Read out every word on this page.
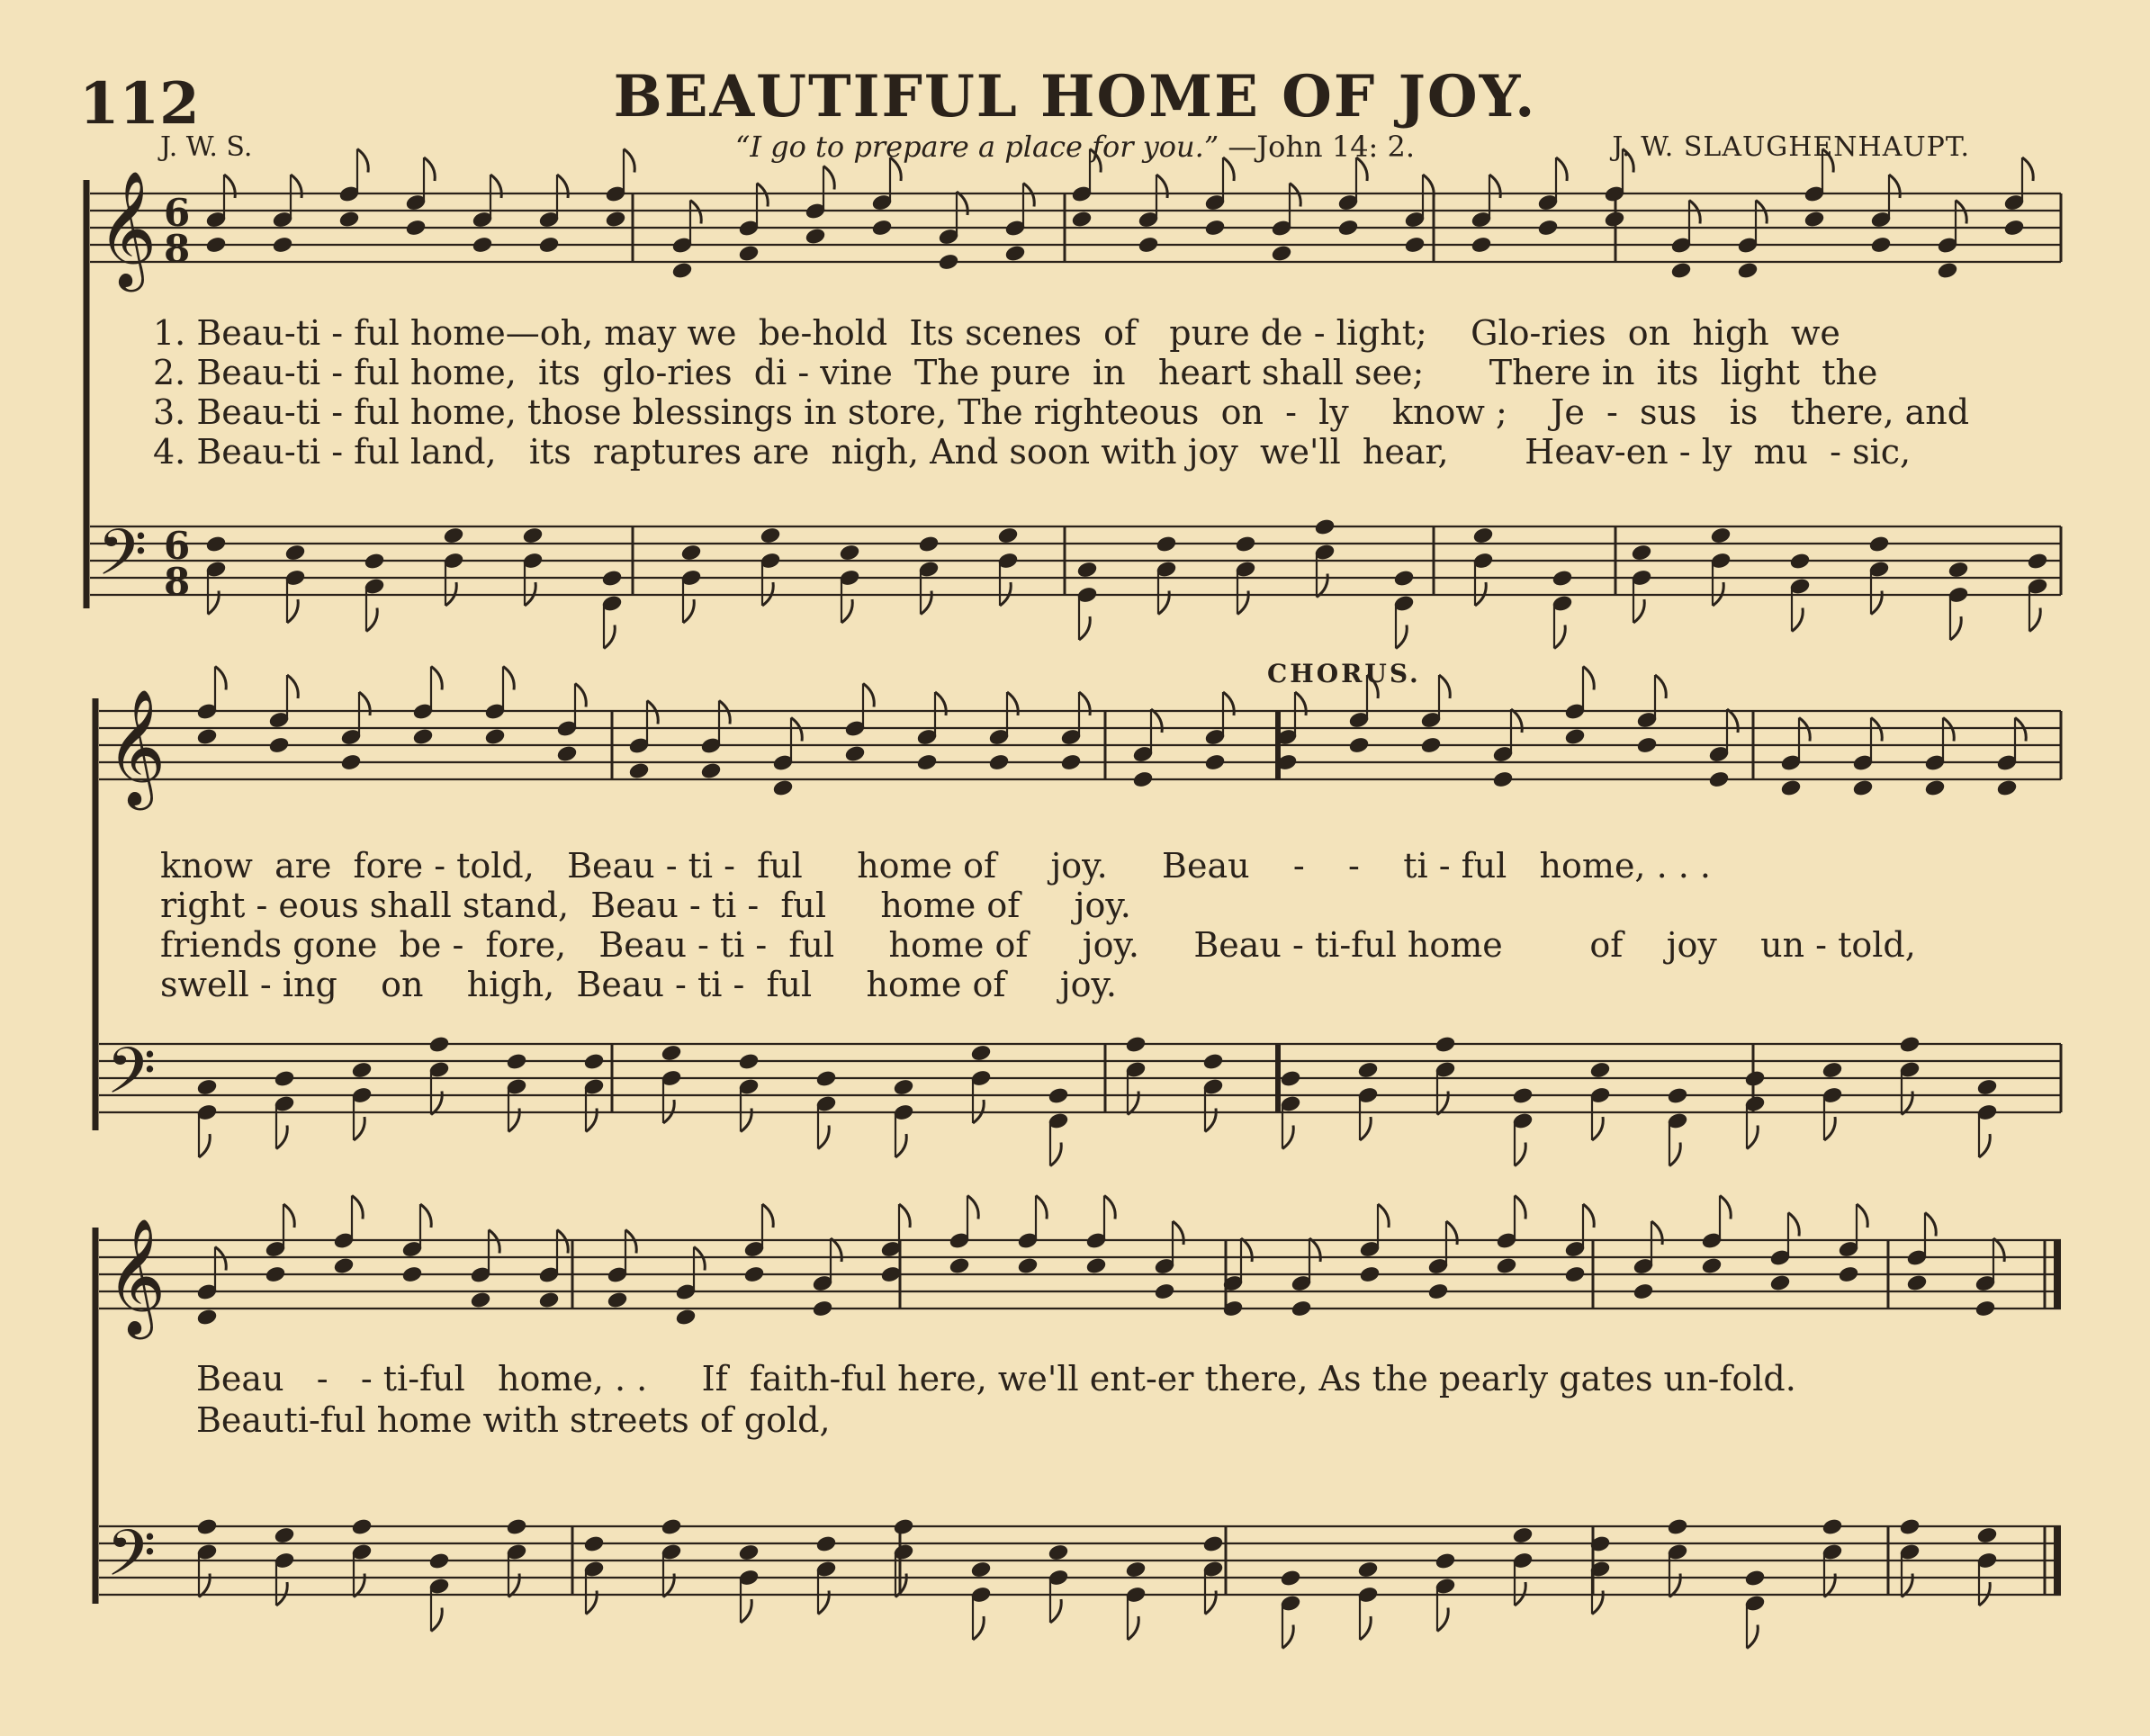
112	BEAUTIFUL HOME OF JOY.
J. W. S.	“I go to prepare a place for you.” —John 14: 2.	J. W. SLAUGHENHAUPT.
𝄞
𝄢
𝄞
𝄢
𝄞
𝄢
6
8
6
8
CHORUS.
1. Beau-ti - ful home—oh, may we  be-hold  Its scenes  of   pure de - light;    Glo-ries  on  high  we
2. Beau-ti - ful home,  its  glo-ries  di - vine  The pure  in   heart shall see;      There in  its  light  the
3. Beau-ti - ful home, those blessings in store, The righteous  on  -  ly    know ;    Je  -  sus   is   there, and
4. Beau-ti - ful land,   its  raptures are  nigh, And soon with joy  we'll  hear,       Heav-en - ly  mu  - sic,
know  are  fore - told,   Beau - ti -  ful     home of     joy.     Beau    -    -    ti - ful   home, . . .
right - eous shall stand,  Beau - ti -  ful     home of     joy.
friends gone  be -  fore,   Beau - ti -  ful     home of     joy.     Beau - ti-ful home        of    joy    un - told,
swell - ing    on    high,  Beau - ti -  ful     home of     joy.
Beau   -   - ti-ful   home, . .     If  faith-ful here, we'll ent-er there, As the pearly gates un-fold.
Beauti-ful home with streets of gold,
